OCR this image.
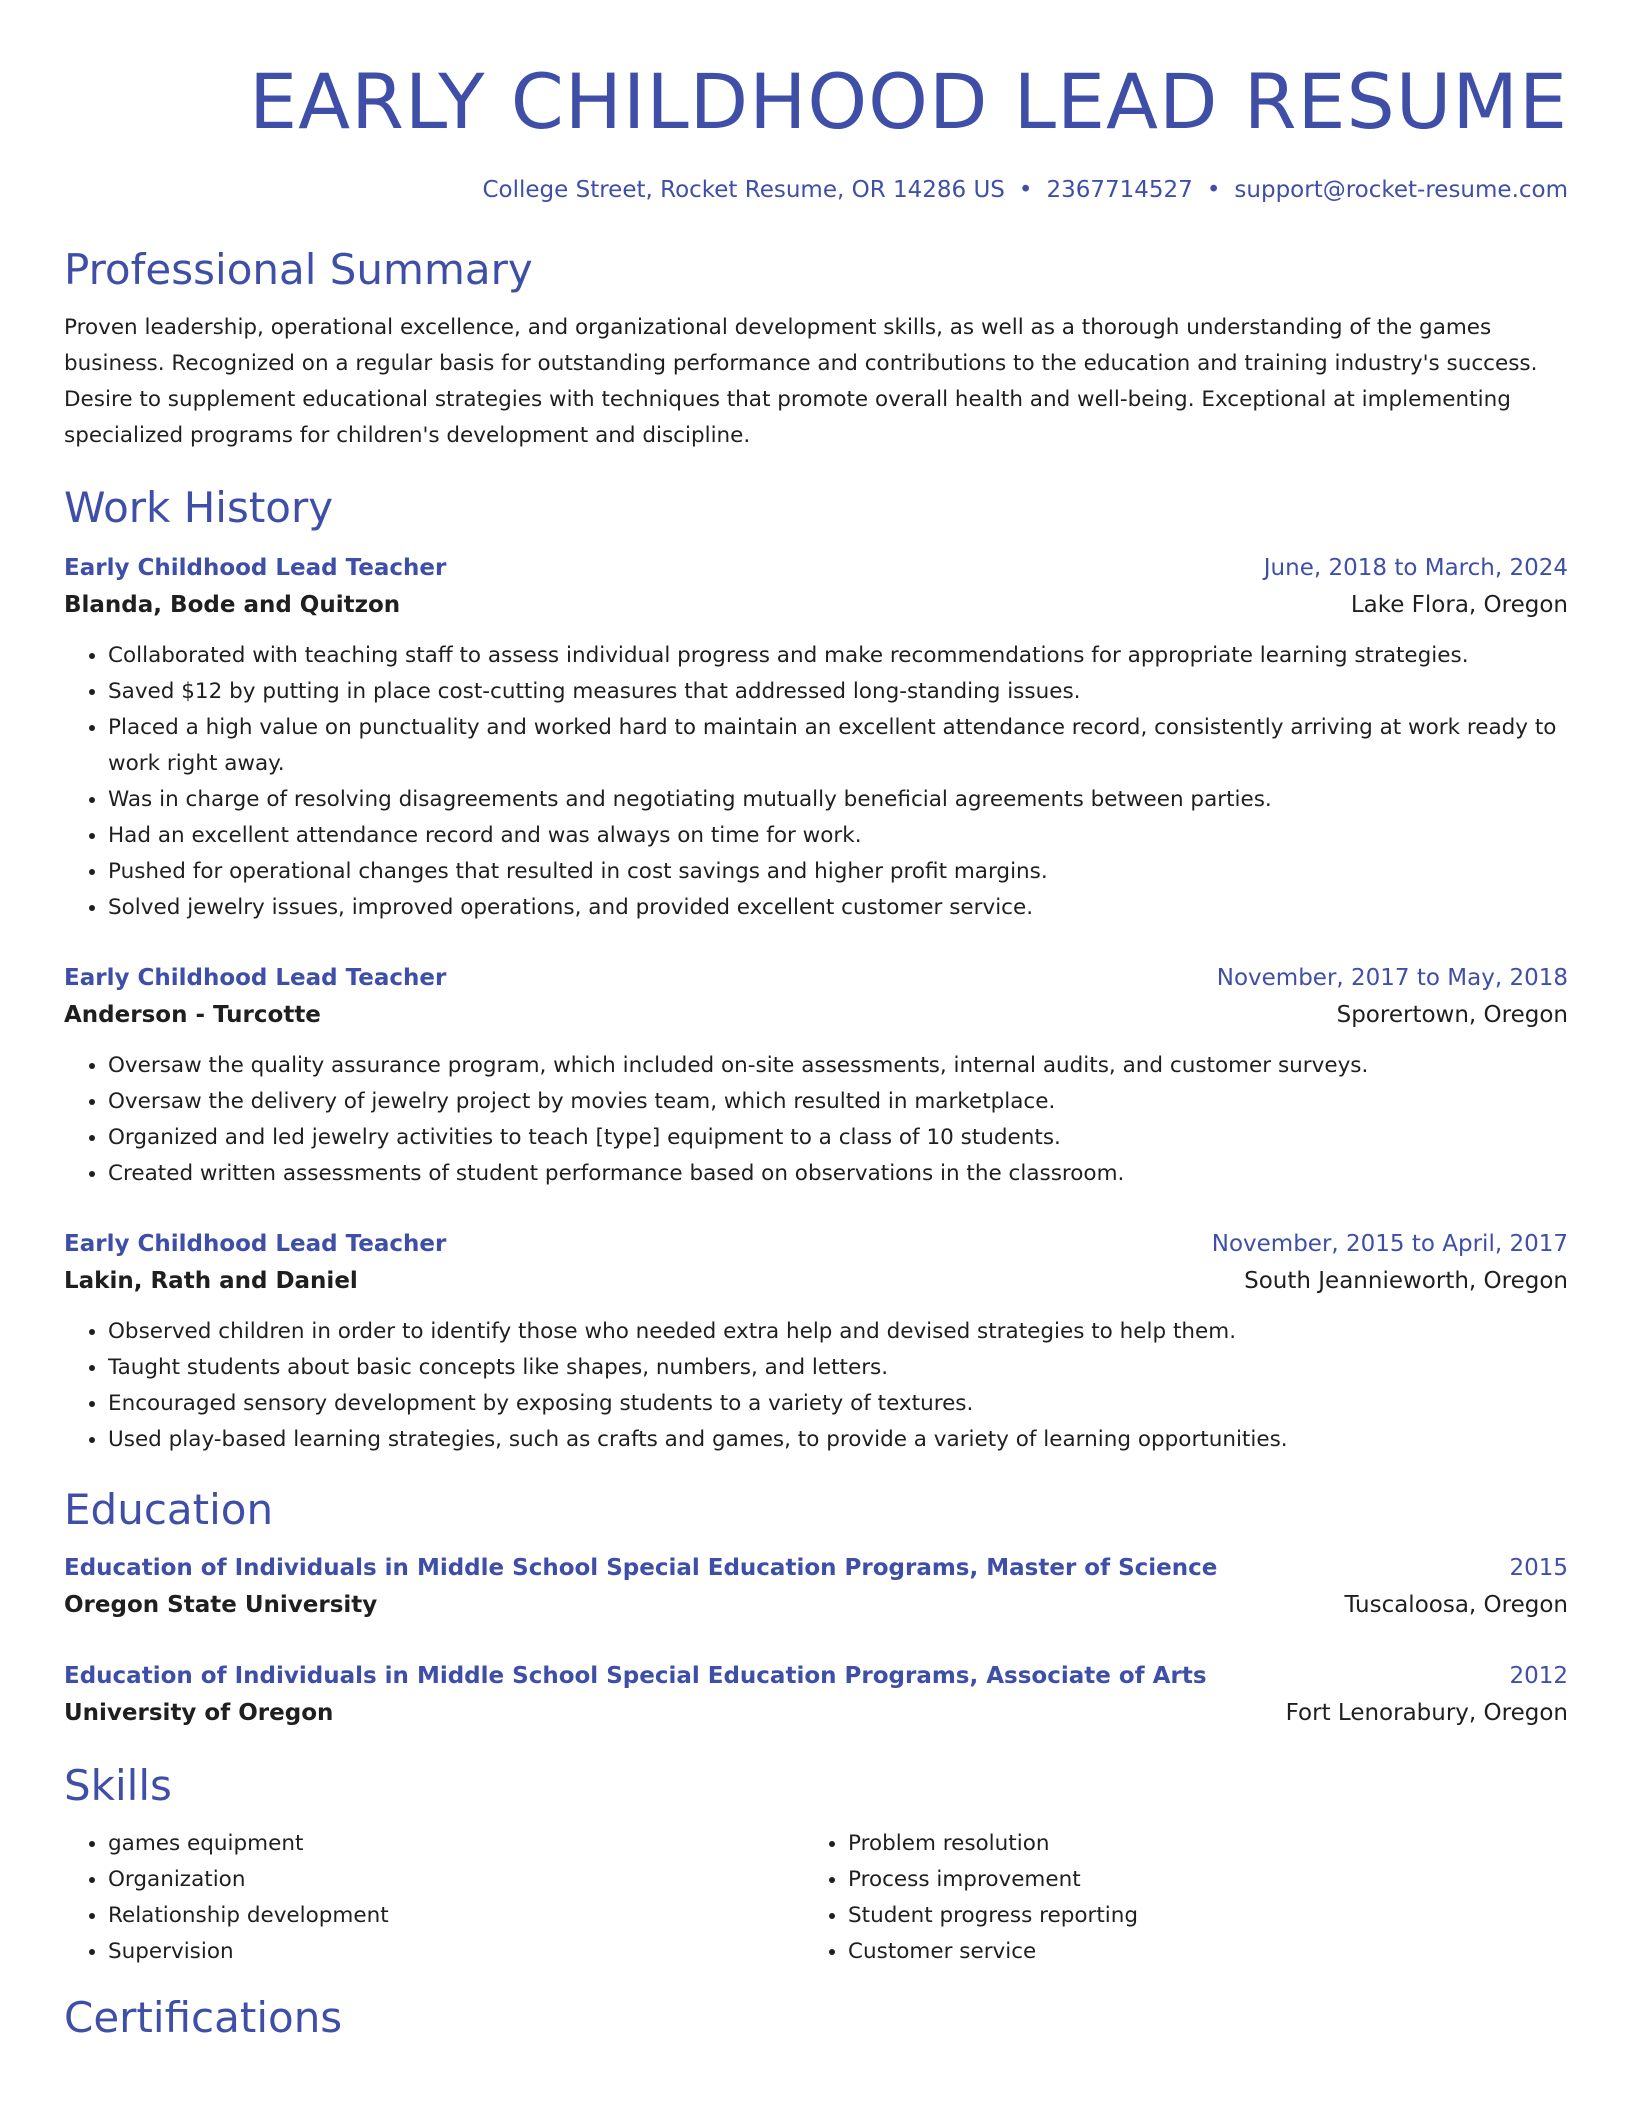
EARLY CHILDHOOD LEAD RESUME
College Street, Rocket Resume, OR 14286 US • 2367714527 • support@rocket-resume.com
Professional Summary

Proven leadership, operational excellence, and organizational development skills, as well as a thorough understanding of the games business. Recognized on a regular basis for outstanding performance and contributions to the education and training industry's success. Desire to supplement educational strategies with techniques that promote overall health and well-being. Exceptional at implementing specialized programs for children's development and discipline.

Work History
Early Childhood Lead Teacher	June, 2018 to March, 2024
Blanda, Bode and Quitzon	Lake Flora, Oregon
• Collaborated with teaching staff to assess individual progress and make recommendations for appropriate learning strategies.
• Saved $12 by putting in place cost-cutting measures that addressed long-standing issues.
• Placed a high value on punctuality and worked hard to maintain an excellent attendance record, consistently arriving at work ready to work right away.
• Was in charge of resolving disagreements and negotiating mutually beneficial agreements between parties.
• Had an excellent attendance record and was always on time for work.
• Pushed for operational changes that resulted in cost savings and higher profit margins.
• Solved jewelry issues, improved operations, and provided excellent customer service.
Early Childhood Lead Teacher	November, 2017 to May, 2018
Anderson - Turcotte	Sporertown, Oregon
• Oversaw the quality assurance program, which included on-site assessments, internal audits, and customer surveys.
• Oversaw the delivery of jewelry project by movies team, which resulted in marketplace.
• Organized and led jewelry activities to teach [type] equipment to a class of 10 students.
• Created written assessments of student performance based on observations in the classroom.
Early Childhood Lead Teacher	November, 2015 to April, 2017
Lakin, Rath and Daniel	South Jeannieworth, Oregon
• Observed children in order to identify those who needed extra help and devised strategies to help them.
• Taught students about basic concepts like shapes, numbers, and letters.
• Encouraged sensory development by exposing students to a variety of textures.
• Used play-based learning strategies, such as crafts and games, to provide a variety of learning opportunities.
Education
Education of Individuals in Middle School Special Education Programs, Master of Science	2015
Oregon State University	Tuscaloosa, Oregon
Education of Individuals in Middle School Special Education Programs, Associate of Arts	2012
University of Oregon	Fort Lenorabury, Oregon
Skills
• games equipment
• Organization
• Relationship development
• Supervision
• Problem resolution
• Process improvement
• Student progress reporting
• Customer service
Certifications
